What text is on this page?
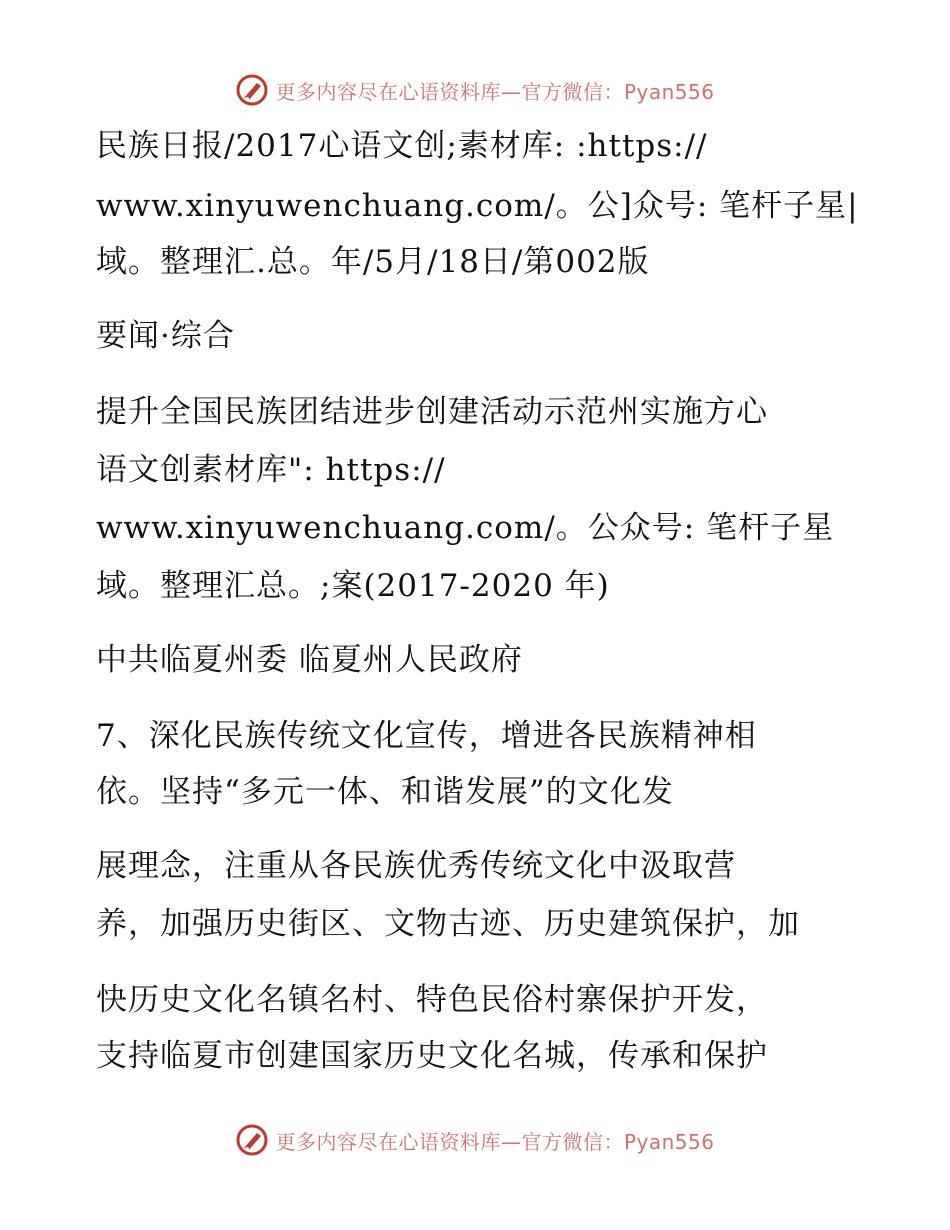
更多内容尽在心语资料库—官方微信：Pyan556
民族日报/2017心语文创;素材库: :https://
www.xinyuwenchuang.com/。公]众号: 笔杆子星|
域。整理汇.总。年/5月/18日/第002版
要闻·综合
提升全国民族团结进步创建活动示范州实施方心
语文创素材库": https://
www.xinyuwenchuang.com/。公众号: 笔杆子星
域。整理汇总。;案(2017-2020 年)
中共临夏州委 临夏州人民政府
7、深化民族传统文化宣传，增进各民族精神相
依。坚持“多元一体、和谐发展”的文化发
展理念，注重从各民族优秀传统文化中汲取营
养，加强历史街区、文物古迹、历史建筑保护，加
快历史文化名镇名村、特色民俗村寨保护开发，
支持临夏市创建国家历史文化名城，传承和保护
更多内容尽在心语资料库—官方微信：Pyan556
